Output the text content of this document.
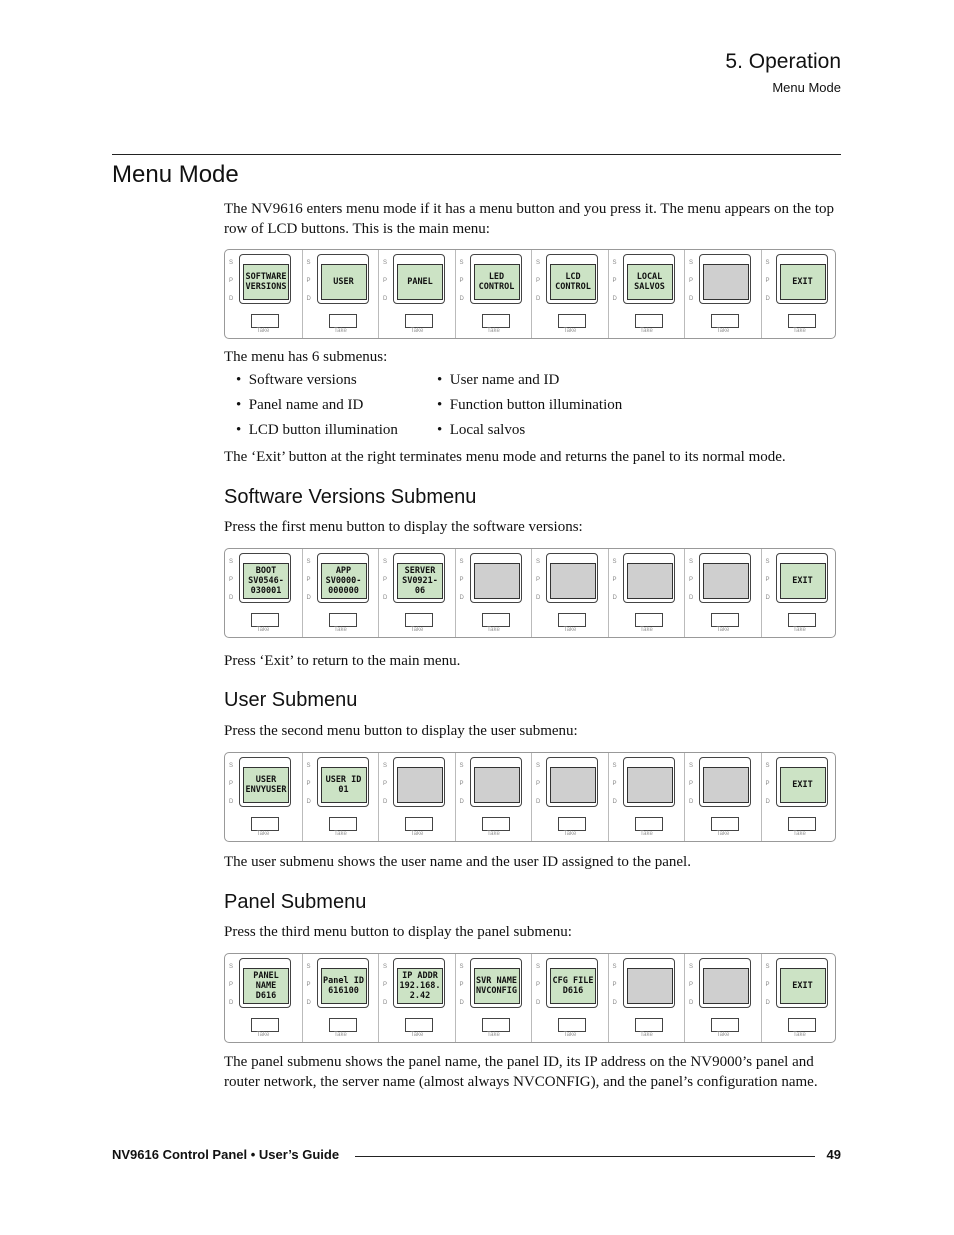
5. Operation
Menu Mode
Menu Mode

The NV9616 enters menu mode if it has a menu button and you press it. The menu appears on the top row of LCD buttons. This is the main menu:

S
P
D
SOFTWARE
VERSIONS
Take
S
P
D
USER
Take
S
P
D
PANEL
Take
S
P
D
LED
CONTROL
Take
S
P
D
LCD
CONTROL
Take
S
P
D
LOCAL
SALVOS
Take
S
P
D
Take
S
P
D
EXIT
Take

The menu has 6 submenus:

• Software versions	• User name and ID
• Panel name and ID	• Function button illumination
• LCD button illumination	• Local salvos

The ‘Exit’ button at the right terminates menu mode and returns the panel to its normal mode.

Software Versions Submenu

Press the first menu button to display the software versions:

S
P
D
BOOT
SV0546-
030001
Take
S
P
D
APP
SV0000-
000000
Take
S
P
D
SERVER
SV0921-
06
Take
S
P
D
Take
S
P
D
Take
S
P
D
Take
S
P
D
Take
S
P
D
EXIT
Take

Press ‘Exit’ to return to the main menu.

User Submenu

Press the second menu button to display the user submenu:

S
P
D
USER
ENVYUSER
Take
S
P
D
USER ID
01
Take
S
P
D
Take
S
P
D
Take
S
P
D
Take
S
P
D
Take
S
P
D
Take
S
P
D
EXIT
Take

The user submenu shows the user name and the user ID assigned to the panel.

Panel Submenu

Press the third menu button to display the panel submenu:

S
P
D
PANEL
NAME
D616
Take
S
P
D
Panel ID
616100
Take
S
P
D
IP ADDR
192.168.
2.42
Take
S
P
D
SVR NAME
NVCONFIG
Take
S
P
D
CFG FILE
D616
Take
S
P
D
Take
S
P
D
Take
S
P
D
EXIT
Take

The panel submenu shows the panel name, the panel ID, its IP address on the NV9000’s panel and router network, the server name (almost always NVCONFIG), and the panel’s configuration name.

NV9616 Control Panel • User’s Guide	49
